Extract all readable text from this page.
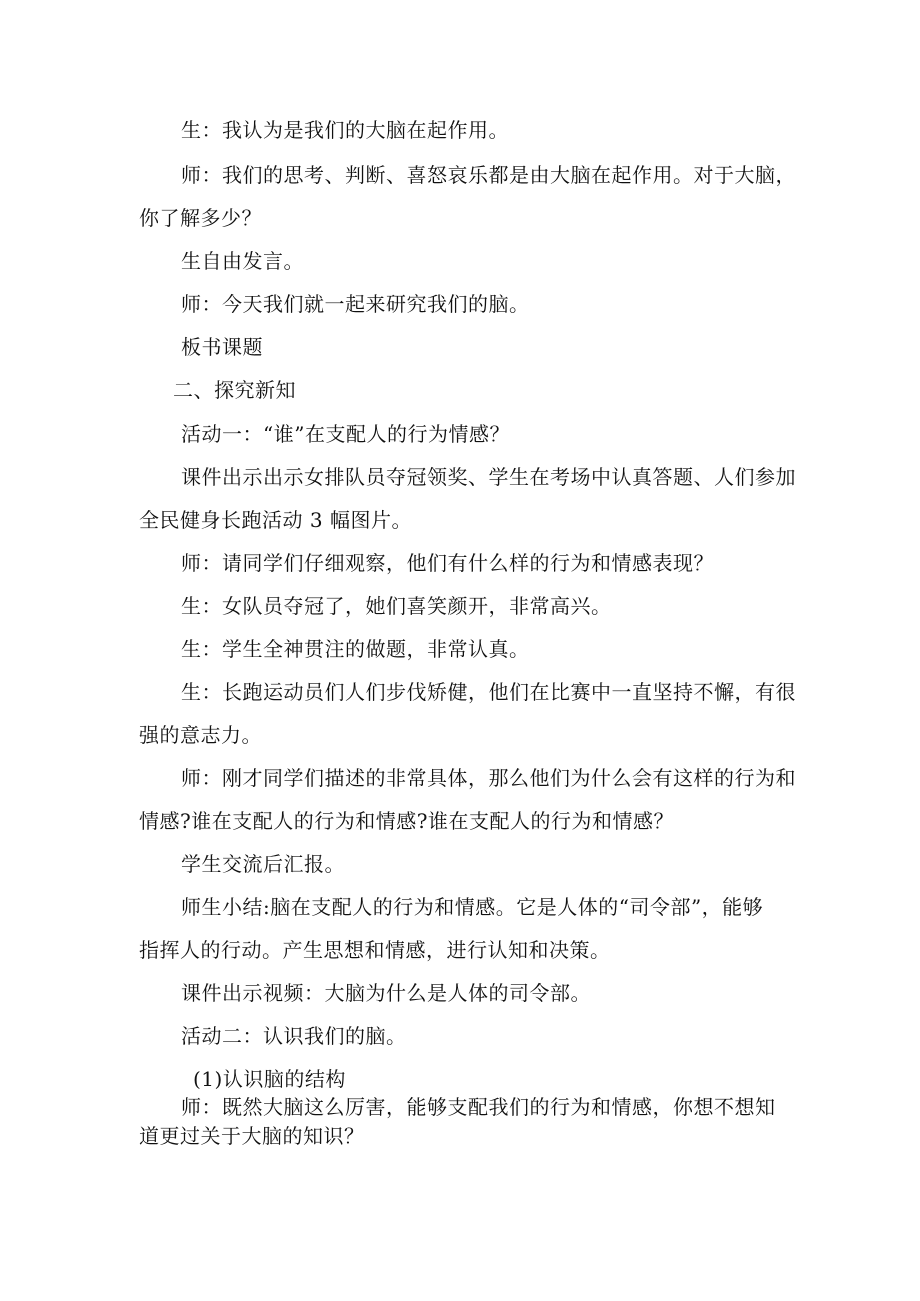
生：我认为是我们的大脑在起作用。
师：我们的思考、判断、喜怒哀乐都是由大脑在起作用。对于大脑，
你了解多少？
生自由发言。
师：今天我们就一起来研究我们的脑。
板书课题
二、探究新知
活动一：“谁”在支配人的行为情感？
课件出示出示女排队员夺冠领奖、学生在考场中认真答题、人们参加
全民健身长跑活动 3 幅图片。
师：请同学们仔细观察，他们有什么样的行为和情感表现？
生：女队员夺冠了，她们喜笑颜开，非常高兴。
生：学生全神贯注的做题，非常认真。
生：长跑运动员们人们步伐矫健，他们在比赛中一直坚持不懈，有很
强的意志力。
师：刚才同学们描述的非常具体，那么他们为什么会有这样的行为和
情感?谁在支配人的行为和情感?谁在支配人的行为和情感？
学生交流后汇报。
师生小结:脑在支配人的行为和情感。它是人体的“司令部”，能够
指挥人的行动。产生思想和情感，进行认知和决策。
课件出示视频：大脑为什么是人体的司令部。
活动二：认识我们的脑。
(1)认识脑的结构
师：既然大脑这么厉害，能够支配我们的行为和情感，你想不想知
道更过关于大脑的知识？
